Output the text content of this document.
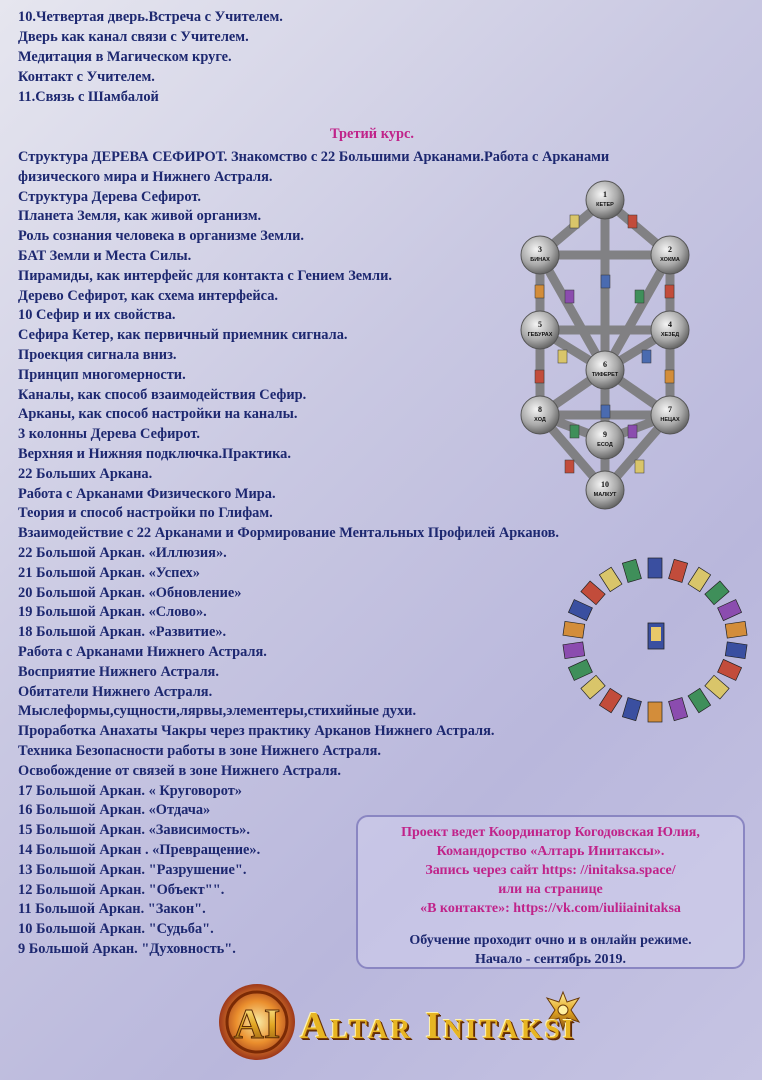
10.Четвертая дверь.Встреча с Учителем.
Дверь как канал связи с Учителем.
Медитация в Магическом круге.
Контакт с Учителем.
11.Связь с Шамбалой
Третий курс.
Структура ДЕРЕВА СЕФИРОТ. Знакомство с 22 Большими Арканами.Работа с Арканами
физического мира и Нижнего Астраля.
Структура Дерева Сефирот.
Планета Земля, как живой организм.
Роль сознания человека в организме Земли.
БАТ Земли и Места Силы.
Пирамиды, как интерфейс для контакта с Гением Земли.
Дерево Сефирот, как схема интерфейса.
10 Сефир и их свойства.
Сефира Кетер, как первичный приемник сигнала.
Проекция сигнала вниз.
Принцип многомерности.
Каналы, как способ взаимодействия Сефир.
Арканы, как способ настройки на каналы.
3 колонны Дерева Сефирот.
Верхняя и Нижняя подключка.Практика.
22 Больших Аркана.
Работа с Арканами Физического Мира.
Теория и способ настройки по Глифам.
Взаимодействие с 22 Арканами и Формирование Ментальных Профилей Арканов.
22 Большой Аркан. «Иллюзия».
21 Большой Аркан. «Успех»
20 Большой Аркан. «Обновление»
19 Большой Аркан. «Слово».
18 Большой Аркан. «Развитие».
Работа с Арканами Нижнего Астраля.
Восприятие Нижнего Астраля.
Обитатели Нижнего Астраля.
Мыслеформы,сущности,лярвы,элементеры,стихийные духи.
Проработка Анахаты Чакры через практику Арканов Нижнего Астраля.
Техника Безопасности работы в зоне Нижнего Астраля.
Освобождение от связей в зоне Нижнего Астраля.
17 Большой Аркан. « Круговорот»
16 Большой Аркан. «Отдача»
15 Большой Аркан. «Зависимость».
14 Большой Аркан . «Превращение».
13 Большой Аркан. "Разрушение".
12 Большой Аркан. "Объект"".
11 Большой Аркан. "Закон".
10 Большой Аркан. "Судьба".
9 Большой Аркан. "Духовность".
1
КЕТЕР
2
ХОКМА
3
БИНАХ
4
ХЕЗЕД
5
ГЕБУРАХ
6
ТИФЕРЕТ
7
НЕЦАХ
8
ХОД
9
ЕСОД
10
МАЛКУТ
Проект ведет Координатор Когодовская Юлия,
Командорство «Алтарь Инитаксы».
Запись через сайт https: //initaksa.space/
или на странице
«В контакте»: https://vk.com/iuliiainitaksa
Обучение проходит очно и в онлайн режиме.
Начало - сентябрь 2019.
AI Altar Initaksi
